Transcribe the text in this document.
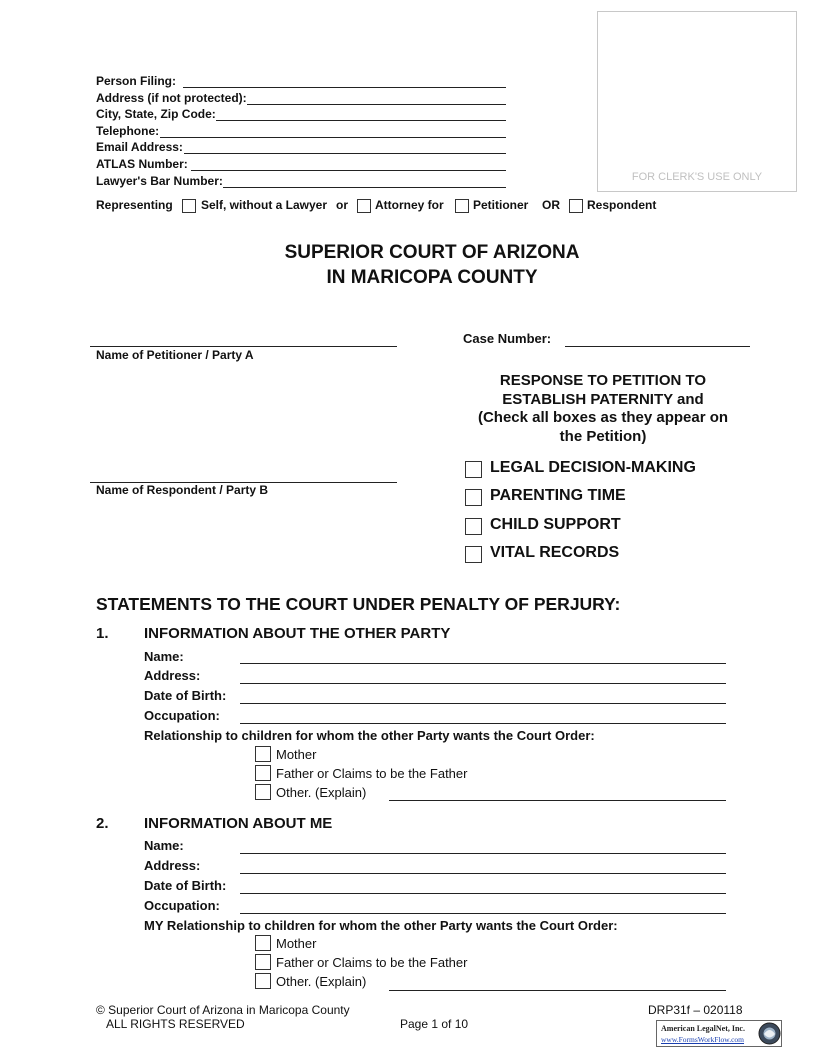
FOR CLERK'S USE ONLY
Person Filing:
Address (if not protected):
City, State, Zip Code:
Telephone:
Email Address:
ATLAS Number:
Lawyer's Bar Number:
Representing Self, without a Lawyer or Attorney for Petitioner OR Respondent
SUPERIOR COURT OF ARIZONA
IN MARICOPA COUNTY
Name of Petitioner / Party A
Name of Respondent / Party B
Case Number:
RESPONSE TO PETITION TO
ESTABLISH PATERNITY and
(Check all boxes as they appear on
the Petition)
LEGAL DECISION-MAKING
PARENTING TIME
CHILD SUPPORT
VITAL RECORDS
STATEMENTS TO THE COURT UNDER PENALTY OF PERJURY:
1. INFORMATION ABOUT THE OTHER PARTY
Name:
Address:
Date of Birth:
Occupation:
Relationship to children for whom the other Party wants the Court Order:
Mother
Father or Claims to be the Father
Other. (Explain)
2. INFORMATION ABOUT ME
Name:
Address:
Date of Birth:
Occupation:
MY Relationship to children for whom the other Party wants the Court Order:
Mother
Father or Claims to be the Father
Other. (Explain)
© Superior Court of Arizona in Maricopa County
ALL RIGHTS RESERVED	Page 1 of 10
DRP31f – 020118
American LegalNet, Inc.
www.FormsWorkFlow.com
